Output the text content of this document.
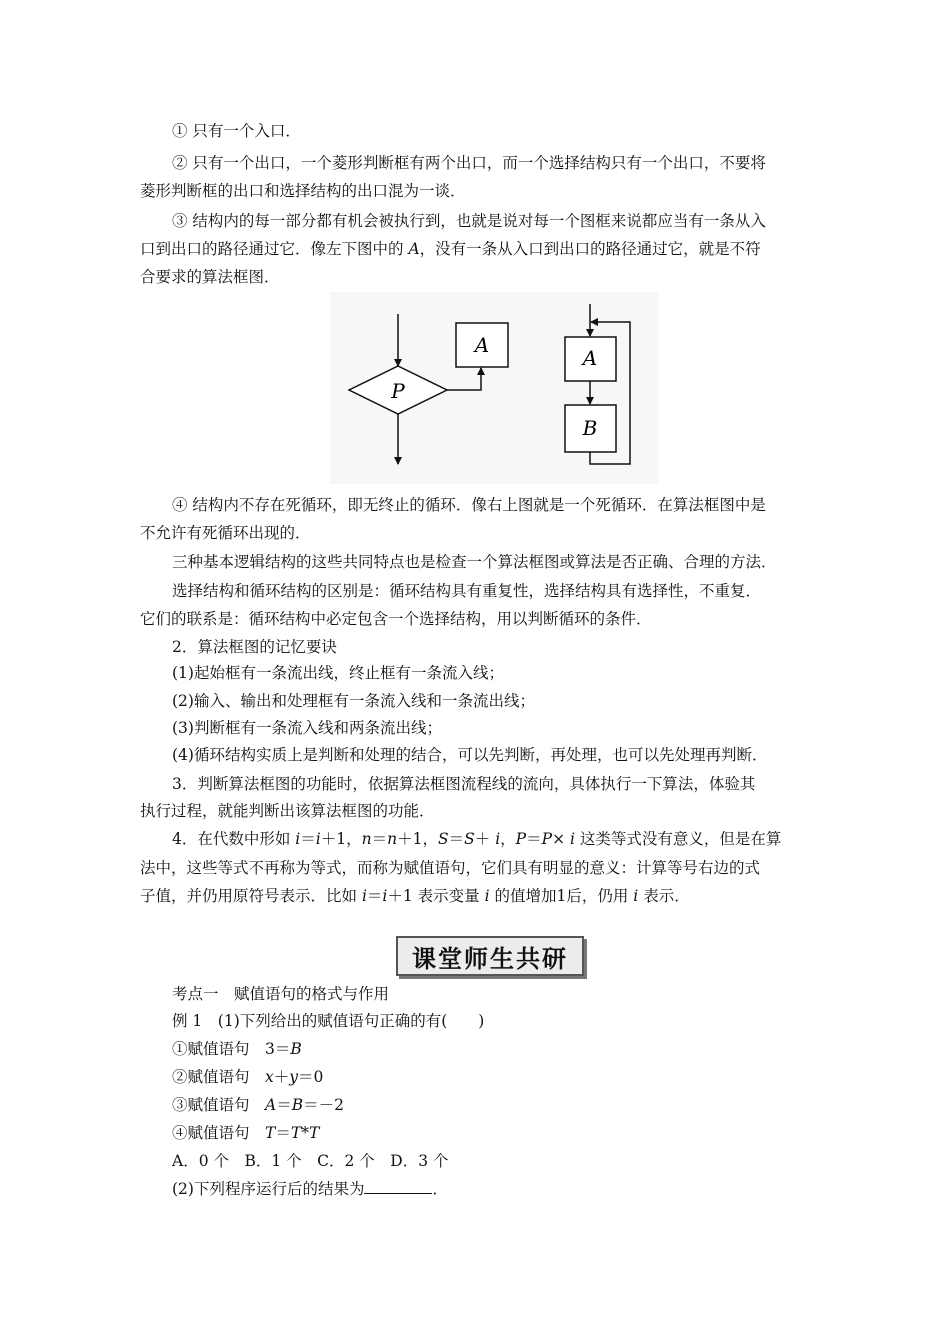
① 只有一个入口．
② 只有一个出口，一个菱形判断框有两个出口，而一个选择结构只有一个出口，不要将
菱形判断框的出口和选择结构的出口混为一谈．
③ 结构内的每一部分都有机会被执行到，也就是说对每一个图框来说都应当有一条从入
口到出口的路径通过它．像左下图中的 A，没有一条从入口到出口的路径通过它，就是不符
合要求的算法框图．
P
A
A
B
④ 结构内不存在死循环，即无终止的循环．像右上图就是一个死循环．在算法框图中是
不允许有死循环出现的．
三种基本逻辑结构的这些共同特点也是检查一个算法框图或算法是否正确、合理的方法．
选择结构和循环结构的区别是：循环结构具有重复性，选择结构具有选择性，不重复．
它们的联系是：循环结构中必定包含一个选择结构，用以判断循环的条件．
2．算法框图的记忆要诀
(1)起始框有一条流出线，终止框有一条流入线；
(2)输入、输出和处理框有一条流入线和一条流出线；
(3)判断框有一条流入线和两条流出线；
(4)循环结构实质上是判断和处理的结合，可以先判断，再处理，也可以先处理再判断．
3．判断算法框图的功能时，依据算法框图流程线的流向，具体执行一下算法，体验其
执行过程，就能判断出该算法框图的功能．
4．在代数中形如 i＝i＋1，n＝n＋1，S＝S＋ i，P＝P× i 这类等式没有意义，但是在算
法中，这些等式不再称为等式，而称为赋值语句，它们具有明显的意义：计算等号右边的式
子值，并仍用原符号表示．比如 i＝i＋1 表示变量 i 的值增加1后，仍用 i 表示．
课堂师生共研
考点一　赋值语句的格式与作用
例 1　(1)下列给出的赋值语句正确的有(　　)
①赋值语句　3＝B
②赋值语句　x＋y＝0
③赋值语句　A＝B＝－2
④赋值语句　T＝T*T
A．0 个　B．1 个　C．2 个　D．3 个
(2)下列程序运行后的结果为	．
